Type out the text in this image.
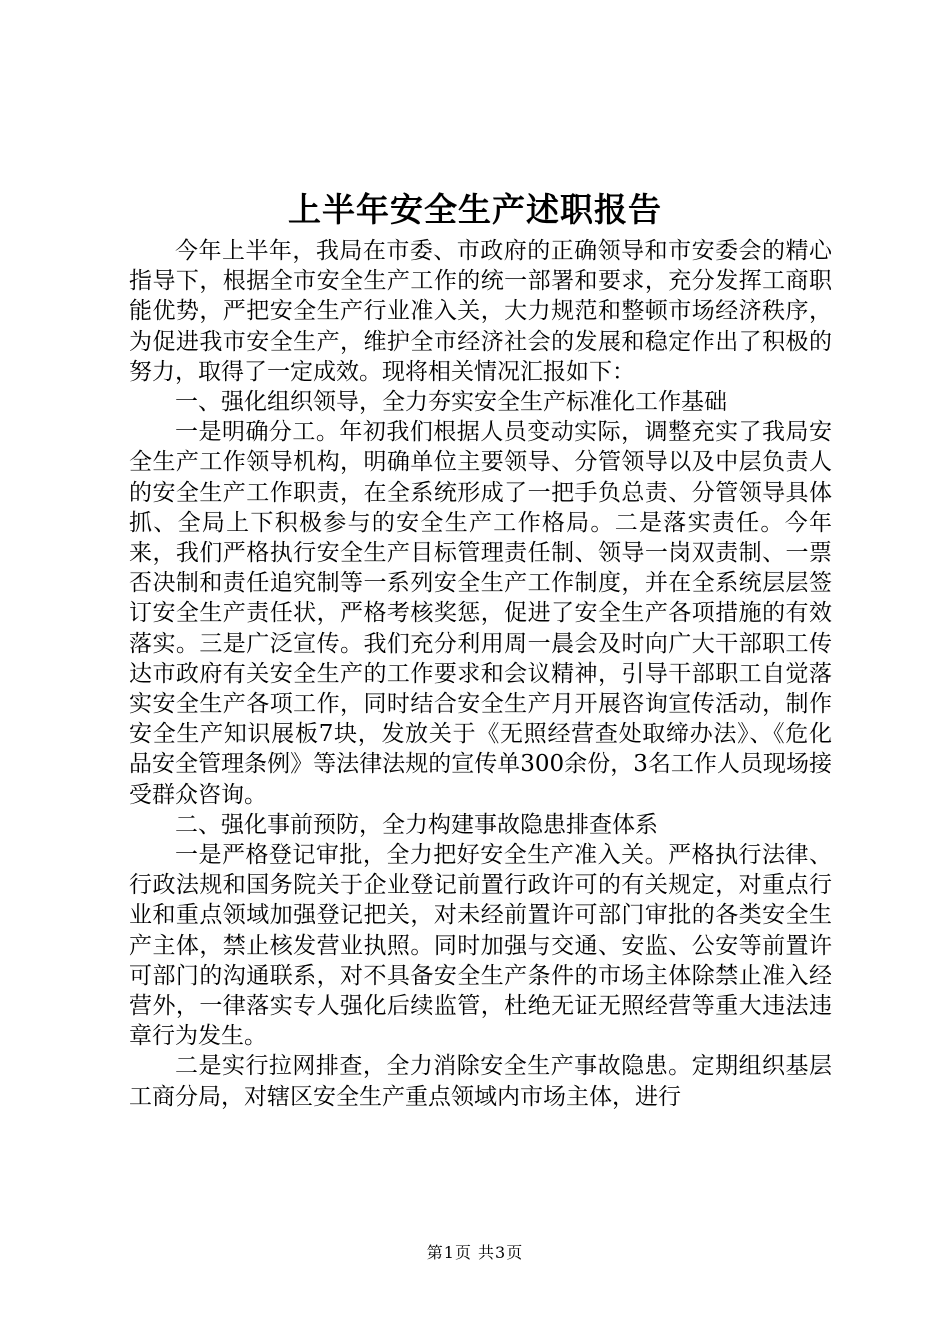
上半年安全生产述职报告

今年上半年，我局在市委、市政府的正确领导和市安委会的精心指导下，根据全市安全生产工作的统一部署和要求，充分发挥工商职能优势，严把安全生产行业准入关，大力规范和整顿市场经济秩序，为促进我市安全生产，维护全市经济社会的发展和稳定作出了积极的努力，取得了一定成效。现将相关情况汇报如下：

一、强化组织领导，全力夯实安全生产标准化工作基础

一是明确分工。年初我们根据人员变动实际，调整充实了我局安全生产工作领导机构，明确单位主要领导、分管领导以及中层负责人的安全生产工作职责，在全系统形成了一把手负总责、分管领导具体抓、全局上下积极参与的安全生产工作格局。二是落实责任。今年来，我们严格执行安全生产目标管理责任制、领导一岗双责制、一票否决制和责任追究制等一系列安全生产工作制度，并在全系统层层签订安全生产责任状，严格考核奖惩，促进了安全生产各项措施的有效落实。三是广泛宣传。我们充分利用周一晨会及时向广大干部职工传达市政府有关安全生产的工作要求和会议精神，引导干部职工自觉落实安全生产各项工作，同时结合安全生产月开展咨询宣传活动，制作安全生产知识展板7块，发放关于《无照经营查处取缔办法》、《危化品安全管理条例》等法律法规的宣传单300余份，3名工作人员现场接受群众咨询。

二、强化事前预防，全力构建事故隐患排查体系

一是严格登记审批，全力把好安全生产准入关。严格执行法律、行政法规和国务院关于企业登记前置行政许可的有关规定，对重点行业和重点领域加强登记把关，对未经前置许可部门审批的各类安全生产主体，禁止核发营业执照。同时加强与交通、安监、公安等前置许可部门的沟通联系，对不具备安全生产条件的市场主体除禁止准入经营外，一律落实专人强化后续监管，杜绝无证无照经营等重大违法违章行为发生。

二是实行拉网排查，全力消除安全生产事故隐患。定期组织基层工商分局，对辖区安全生产重点领域内市场主体，进行

第1页 共3页
